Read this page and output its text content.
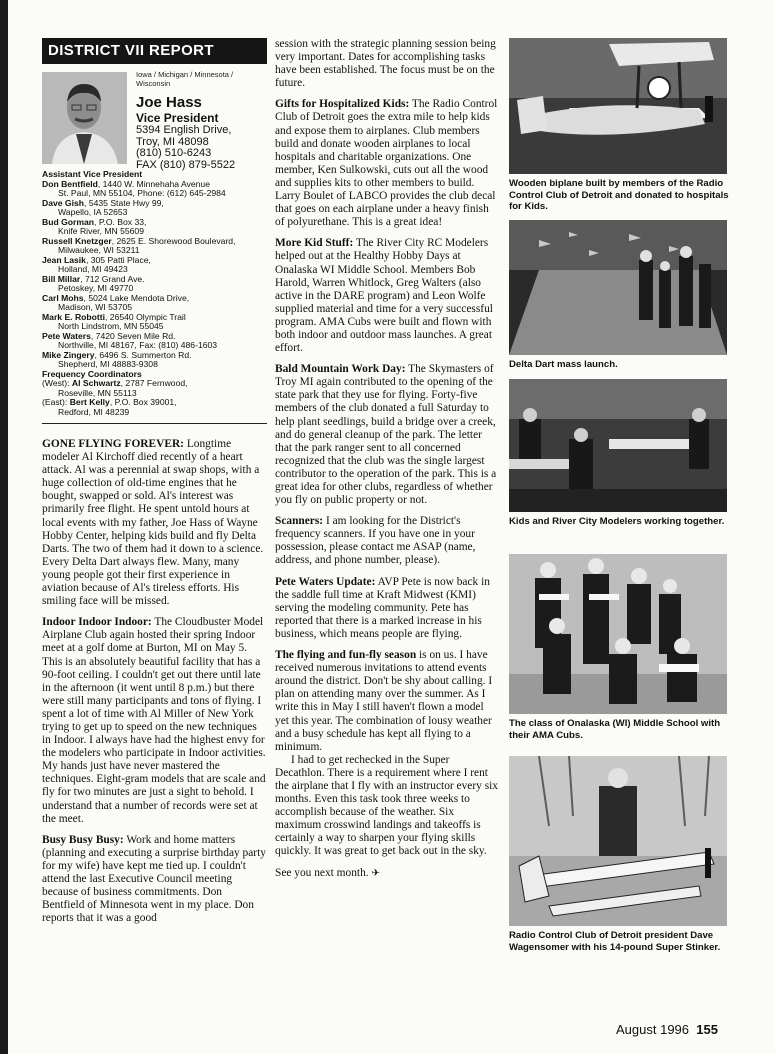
DISTRICT VII REPORT
Iowa / Michigan / Minnesota /
Wisconsin
Joe Hass
Vice President
5394 English Drive,
Troy, MI 48098
(810) 510-6243
FAX (810) 879-5522
Assistant Vice President
Don Bentfield, 1440 W. Minnehaha Avenue
St. Paul, MN 55104, Phone: (612) 645-2984
Dave Gish, 5435 State Hwy 99,
Wapello, IA 52653
Bud Gorman, P.O. Box 33,
Knife River, MN 55609
Russell Knetzger, 2625 E. Shorewood Boulevard,
Milwaukee, WI 53211
Jean Lasik, 305 Patti Place,
Holland, MI 49423
Bill Millar, 712 Grand Ave.
Petoskey, MI 49770
Carl Mohs, 5024 Lake Mendota Drive,
Madison, WI 53705
Mark E. Robotti, 26540 Olympic Trail
North Lindstrom, MN 55045
Pete Waters, 7420 Seven Mile Rd.
Northville, MI 48167, Fax: (810) 486-1603
Mike Zingery, 6496 S. Summerton Rd.
Shepherd, MI 48883-9308
Frequency Coordinators
(West): Al Schwartz, 2787 Fernwood,
Roseville, MN 55113
(East): Bert Kelly, P.O. Box 39001,
Redford, MI 48239

GONE FLYING FOREVER: Longtime modeler Al Kirchoff died recently of a heart attack. Al was a perennial at swap shops, with a huge collection of old-time engines that he bought, swapped or sold. Al's interest was primarily free flight. He spent untold hours at local events with my father, Joe Hass of Wayne Hobby Center, helping kids build and fly Delta Darts. The two of them had it down to a science. Every Delta Dart always flew. Many, many young people got their first experience in aviation because of Al's tireless efforts. His smiling face will be missed.

Indoor Indoor Indoor: The Cloudbuster Model Airplane Club again hosted their spring Indoor meet at a golf dome at Burton, MI on May 5. This is an absolutely beautiful facility that has a 90-foot ceiling. I couldn't get out there until late in the afternoon (it went until 8 p.m.) but there were still many participants and tons of flying. I spent a lot of time with Al Miller of New York trying to get up to speed on the new techniques in Indoor. I always have had the highest envy for the modelers who participate in Indoor activities. My hands just have never mastered the techniques. Eight-gram models that are scale and fly for two minutes are just a sight to behold. I understand that a number of records were set at the meet.

Busy Busy Busy: Work and home matters (planning and executing a surprise birthday party for my wife) have kept me tied up. I couldn't attend the last Executive Council meeting because of business commitments. Don Bentfield of Minnesota went in my place. Don reports that it was a good

session with the strategic planning session being very important. Dates for accomplishing tasks have been established. The focus must be on the future.

Gifts for Hospitalized Kids: The Radio Control Club of Detroit goes the extra mile to help kids and expose them to airplanes. Club members build and donate wooden airplanes to local hospitals and charitable organizations. One member, Ken Sulkowski, cuts out all the wood and supplies kits to other members to build. Larry Boulet of LABCO provides the club decal that goes on each airplane under a heavy finish of polyurethane. This is a great idea!

More Kid Stuff: The River City RC Modelers helped out at the Healthy Hobby Days at Onalaska WI Middle School. Members Bob Harold, Warren Whitlock, Greg Walters (also active in the DARE program) and Leon Wolfe supplied material and time for a very successful program. AMA Cubs were built and flown with both indoor and outdoor mass launches. A great effort.

Bald Mountain Work Day: The Skymasters of Troy MI again contributed to the opening of the state park that they use for flying. Forty-five members of the club donated a full Saturday to help plant seedlings, build a bridge over a creek, and do general cleanup of the park. The letter that the park ranger sent to all concerned recognized that the club was the single largest contributor to the operation of the park. This is a great idea for other clubs, regardless of whether you fly on public property or not.

Scanners: I am looking for the District's frequency scanners. If you have one in your possession, please contact me ASAP (name, address, and phone number, please).

Pete Waters Update: AVP Pete is now back in the saddle full time at Kraft Midwest (KMI) serving the modeling community. Pete has reported that there is a marked increase in his business, which means people are flying.

The flying and fun-fly season is on us. I have received numerous invitations to attend events around the district. Don't be shy about calling. I plan on attending many over the summer. As I write this in May I still haven't flown a model yet this year. The combination of lousy weather and a busy schedule has kept all flying to a minimum.

I had to get rechecked in the Super Decathlon. There is a requirement where I rent the airplane that I fly with an instructor every six months. Even this task took three weeks to accomplish because of the weather. Six maximum crosswind landings and takeoffs is certainly a way to sharpen your flying skills quickly. It was great to get back out in the sky.

See you next month. ✈

Wooden biplane built by members of the Radio Control Club of Detroit and donated to hospitals for Kids.

Delta Dart mass launch.

Kids and River City Modelers working together.

The class of Onalaska (WI) Middle School with their AMA Cubs.

Radio Control Club of Detroit president Dave Wagensomer with his 14-pound Super Stinker.

August 1996 155
